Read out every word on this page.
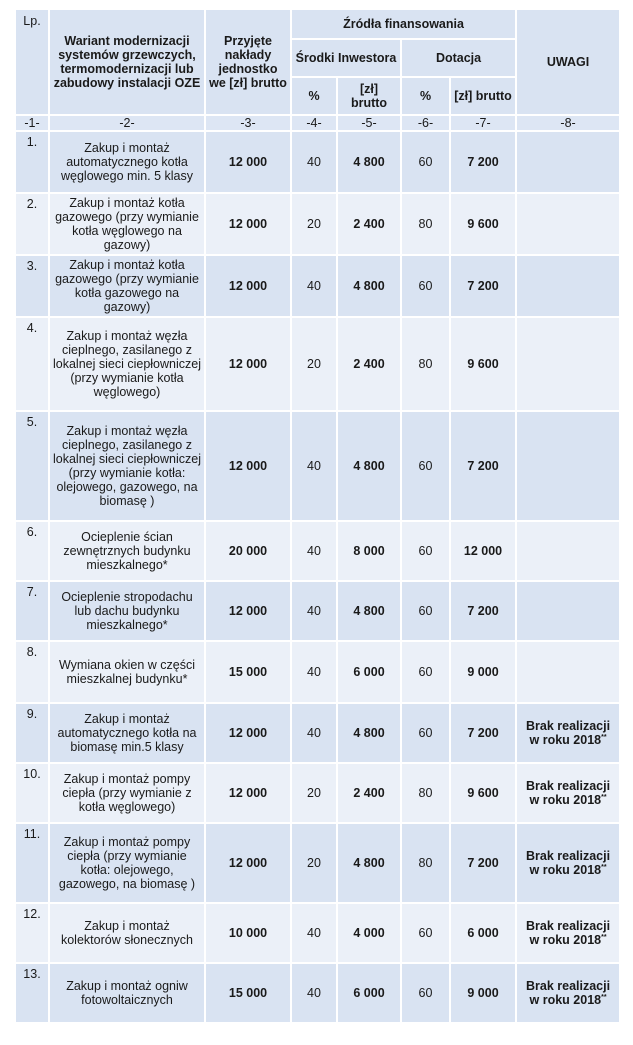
Lp.	Wariant modernizacji systemów grzewczych, termomodernizacji lub zabudowy instalacji OZE	Przyjęte nakłady jednostko we [zł] brutto	Źródła finansowania				UWAGI
			Środki Inwestora		Dotacja		
			%	[zł] brutto	%	[zł] brutto	
-1-	-2-	-3-	-4-	-5-	-6-	-7-	-8-
1.	Zakup i montaż automatycznego kotła węglowego min. 5 klasy	12 000	40	4 800	60	7 200	
2.	Zakup i montaż kotła gazowego (przy wymianie kotła węglowego na gazowy)	12 000	20	2 400	80	9 600	
3.	Zakup i montaż kotła gazowego (przy wymianie kotła gazowego na gazowy)	12 000	40	4 800	60	7 200	
4.	Zakup i montaż węzła cieplnego, zasilanego z lokalnej sieci ciepłowniczej (przy wymianie kotła węglowego)	12 000	20	2 400	80	9 600	
5.	Zakup i montaż węzła cieplnego, zasilanego z lokalnej sieci ciepłowniczej (przy wymianie kotła: olejowego, gazowego, na biomasę )	12 000	40	4 800	60	7 200	
6.	Ocieplenie ścian zewnętrznych budynku mieszkalnego*	20 000	40	8 000	60	12 000	
7.	Ocieplenie stropodachu lub dachu budynku mieszkalnego*	12 000	40	4 800	60	7 200	
8.	Wymiana okien w części mieszkalnej budynku*	15 000	40	6 000	60	9 000	
9.	Zakup i montaż automatycznego kotła na biomasę min.5 klasy	12 000	40	4 800	60	7 200	Brak realizacji w roku 2018**
10.	Zakup i montaż pompy ciepła (przy wymianie z kotła węglowego)	12 000	20	2 400	80	9 600	Brak realizacji w roku 2018**
11.	Zakup i montaż pompy ciepła (przy wymianie kotła: olejowego, gazowego, na biomasę )	12 000	20	4 800	80	7 200	Brak realizacji w roku 2018**
12.	Zakup i montaż kolektorów słonecznych	10 000	40	4 000	60	6 000	Brak realizacji w roku 2018**
13.	Zakup i montaż ogniw fotowoltaicznych	15 000	40	6 000	60	9 000	Brak realizacji w roku 2018**
